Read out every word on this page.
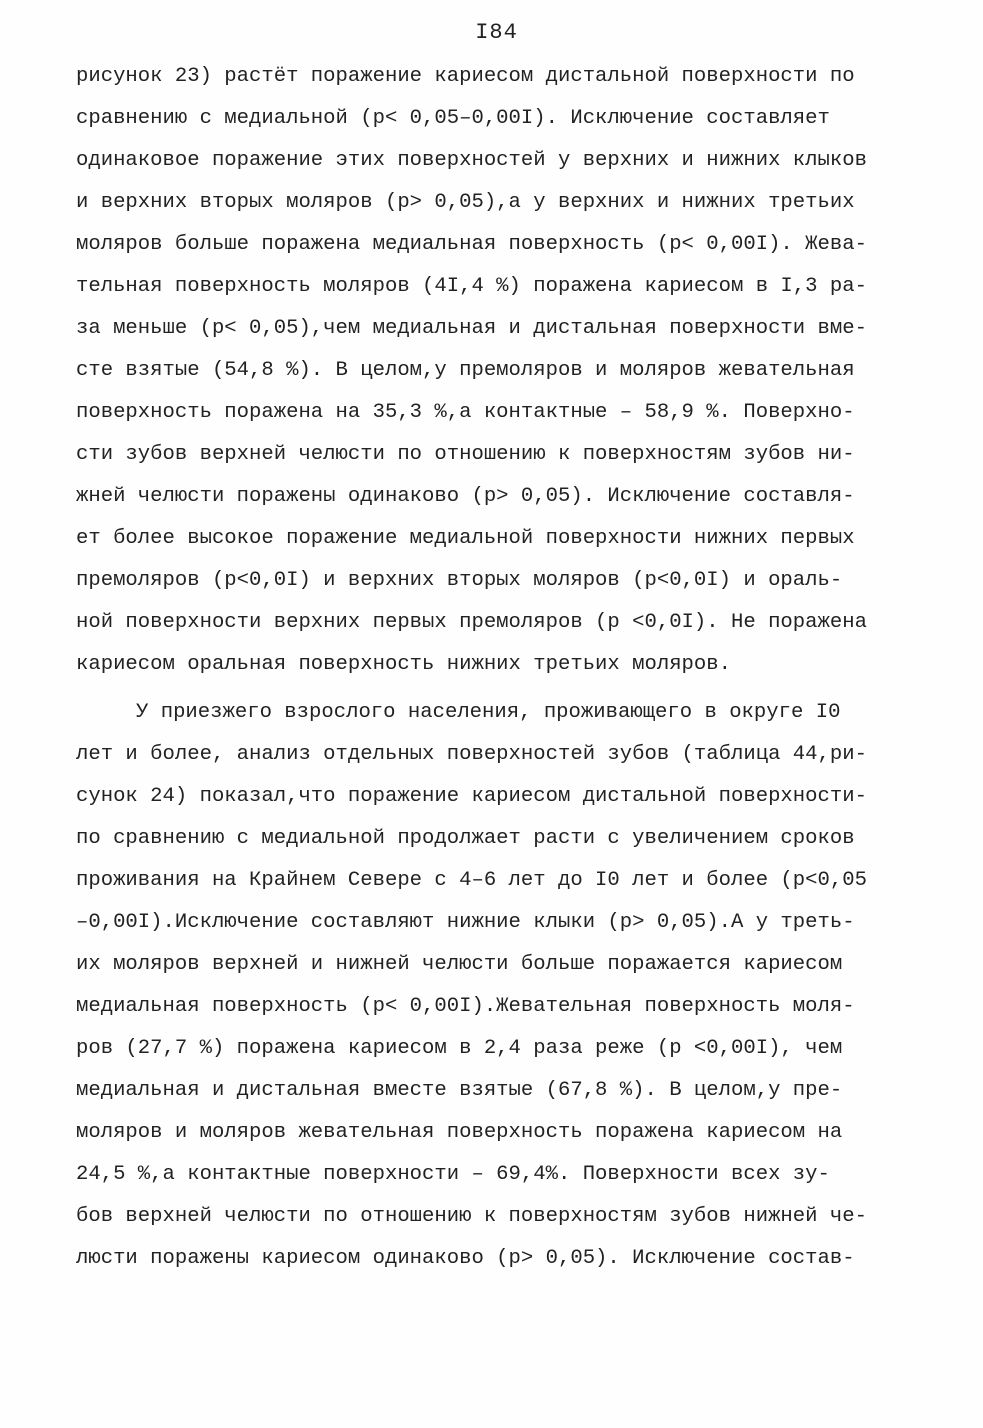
I84
рисунок 23) растёт поражение кариесом дистальной поверхности по
сравнению с медиальной (р< 0,05–0,00I). Исключение составляет
одинаковое поражение этих поверхностей у верхних и нижних клыков
и верхних вторых моляров (р> 0,05),а у верхних и нижних третьих
моляров больше поражена медиальная поверхность (р< 0,00I). Жева-
тельная поверхность моляров (4I,4 %) поражена кариесом в I,3 ра-
за меньше (р< 0,05),чем медиальная и дистальная поверхности вме-
сте взятые (54,8 %). В целом,у премоляров и моляров жевательная
поверхность поражена на 35,3 %,а контактные – 58,9 %. Поверхно-
сти зубов верхней челюсти по отношению к поверхностям зубов ни-
жней челюсти поражены одинаково (р> 0,05). Исключение составля-
ет более высокое поражение медиальной поверхности нижних первых
премоляров (р<0,0I) и верхних вторых моляров (р<0,0I) и ораль-
ной поверхности верхних первых премоляров (р <0,0I). Не поражена
кариесом оральная поверхность нижних третьих моляров.
У приезжего взрослого населения, проживающего в округе I0
лет и более, анализ отдельных поверхностей зубов (таблица 44,ри-
сунок 24) показал,что поражение кариесом дистальной поверхности-
по сравнению с медиальной продолжает расти с увеличением сроков
проживания на Крайнем Севере с 4–6 лет до I0 лет и более (р<0,05
–0,00I).Исключение составляют нижние клыки (р> 0,05).А у треть-
их моляров верхней и нижней челюсти больше поражается кариесом
медиальная поверхность (р< 0,00I).Жевательная поверхность моля-
ров (27,7 %) поражена кариесом в 2,4 раза реже (р <0,00I), чем
медиальная и дистальная вместе взятые (67,8 %). В целом,у пре-
моляров и моляров жевательная поверхность поражена кариесом на
24,5 %,а контактные поверхности – 69,4%. Поверхности всех зу-
бов верхней челюсти по отношению к поверхностям зубов нижней че-
люсти поражены кариесом одинаково (р> 0,05). Исключение состав-
